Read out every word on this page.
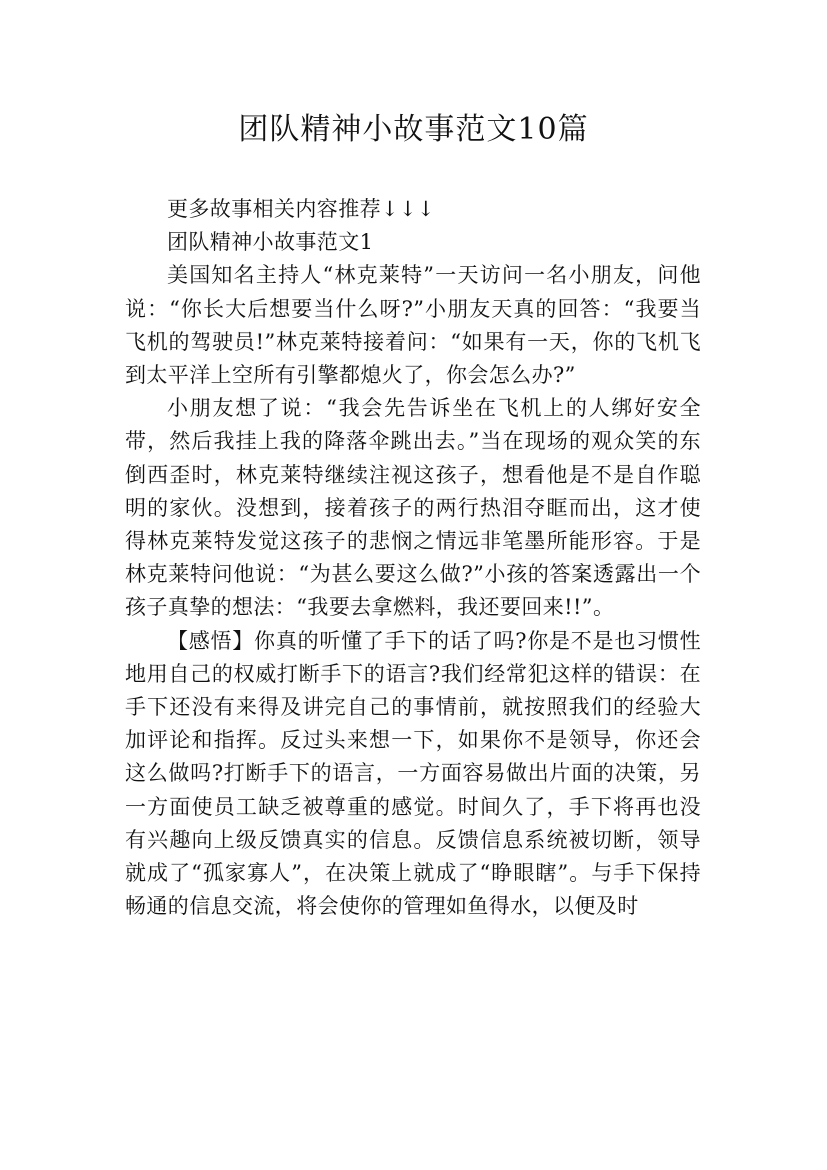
团队精神小故事范文10篇

更多故事相关内容推荐↓↓↓

团队精神小故事范文1

美国知名主持人“林克莱特”一天访问一名小朋友，问他说：“你长大后想要当什么呀?”小朋友天真的回答：“我要当飞机的驾驶员!”林克莱特接着问：“如果有一天，你的飞机飞到太平洋上空所有引擎都熄火了，你会怎么办?”

小朋友想了说：“我会先告诉坐在飞机上的人绑好安全带，然后我挂上我的降落伞跳出去。”当在现场的观众笑的东倒西歪时，林克莱特继续注视这孩子，想看他是不是自作聪明的家伙。没想到，接着孩子的两行热泪夺眶而出，这才使得林克莱特发觉这孩子的悲悯之情远非笔墨所能形容。于是林克莱特问他说：“为甚么要这么做?”小孩的答案透露出一个孩子真挚的想法：“我要去拿燃料，我还要回来!!”。

【感悟】你真的听懂了手下的话了吗?你是不是也习惯性地用自己的权威打断手下的语言?我们经常犯这样的错误：在手下还没有来得及讲完自己的事情前，就按照我们的经验大加评论和指挥。反过头来想一下，如果你不是领导，你还会这么做吗?打断手下的语言，一方面容易做出片面的决策，另一方面使员工缺乏被尊重的感觉。时间久了，手下将再也没有兴趣向上级反馈真实的信息。反馈信息系统被切断，领导就成了“孤家寡人”，在决策上就成了“睁眼瞎”。与手下保持畅通的信息交流，将会使你的管理如鱼得水，以便及时
